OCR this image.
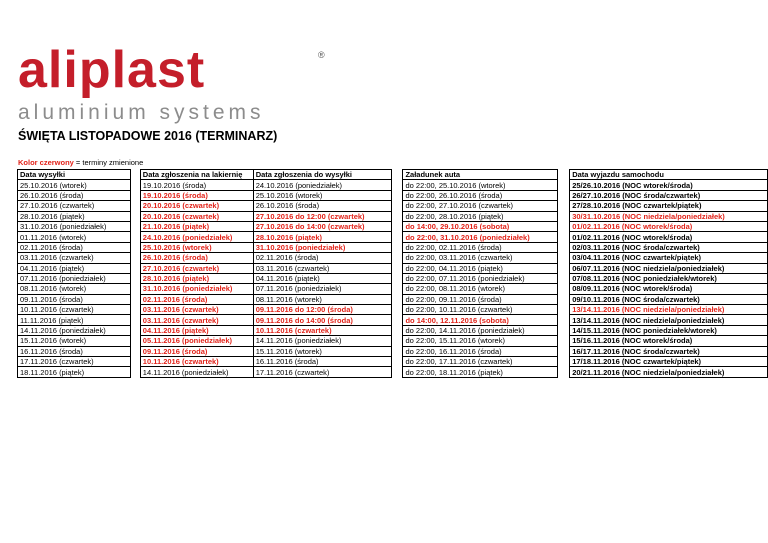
aliplast	®
aluminium systems
ŚWIĘTA LISTOPADOWE 2016 (TERMINARZ)
Kolor czerwony = terminy zmienione
Data wysyłki		Data zgłoszenia na lakiernię	Data zgłoszenia do wysyłki		Załadunek auta		Data wyjazdu samochodu
25.10.2016 (wtorek)		19.10.2016 (środa)	24.10.2016 (poniedziałek)		do 22:00, 25.10.2016 (wtorek)		25/26.10.2016 (NOC wtorek/środa)
26.10.2016 (środa)		19.10.2016 (środa)	25.10.2016 (wtorek)		do 22:00, 26.10.2016 (środa)		26/27.10.2016 (NOC środa/czwartek)
27.10.2016 (czwartek)		20.10.2016 (czwartek)	26.10.2016 (środa)		do 22:00, 27.10.2016 (czwartek)		27/28.10.2016 (NOC czwartek/piątek)
28.10.2016 (piątek)		20.10.2016 (czwartek)	27.10.2016 do 12:00 (czwartek)		do 22:00, 28.10.2016 (piątek)		30/31.10.2016 (NOC niedziela/poniedziałek)
31.10.2016 (poniedziałek)		21.10.2016 (piątek)	27.10.2016 do 14:00 (czwartek)		do 14:00, 29.10.2016 (sobota)		01/02.11.2016 (NOC wtorek/środa)
01.11.2016 (wtorek)		24.10.2016 (poniedziałek)	28.10.2016 (piątek)		do 22:00, 31.10.2016 (poniedziałek)		01/02.11.2016 (NOC wtorek/środa)
02.11.2016 (środa)		25.10.2016 (wtorek)	31.10.2016 (poniedziałek)		do 22:00, 02.11.2016 (środa)		02/03.11.2016 (NOC środa/czwartek)
03.11.2016 (czwartek)		26.10.2016 (środa)	02.11.2016 (środa)		do 22:00, 03.11.2016 (czwartek)		03/04.11.2016 (NOC czwartek/piątek)
04.11.2016 (piątek)		27.10.2016 (czwartek)	03.11.2016 (czwartek)		do 22:00, 04.11.2016 (piątek)		06/07.11.2016 (NOC niedziela/poniedziałek)
07.11.2016 (poniedziałek)		28.10.2016 (piątek)	04.11.2016 (piątek)		do 22:00, 07.11.2016 (poniedziałek)		07/08.11.2016 (NOC poniedziałek/wtorek)
08.11.2016 (wtorek)		31.10.2016 (poniedziałek)	07.11.2016 (poniedziałek)		do 22:00, 08.11.2016 (wtorek)		08/09.11.2016 (NOC wtorek/środa)
09.11.2016 (środa)		02.11.2016 (środa)	08.11.2016 (wtorek)		do 22:00, 09.11.2016 (środa)		09/10.11.2016 (NOC środa/czwartek)
10.11.2016 (czwartek)		03.11.2016 (czwartek)	09.11.2016 do 12:00 (środa)		do 22:00, 10.11.2016 (czwartek)		13/14.11.2016 (NOC niedziela/poniedziałek)
11.11.2016 (piątek)		03.11.2016 (czwartek)	09.11.2016 do 14:00 (środa)		do 14:00, 12.11.2016 (sobota)		13/14.11.2016 (NOC niedziela/poniedziałek)
14.11.2016 (poniedziałek)		04.11.2016 (piątek)	10.11.2016 (czwartek)		do 22:00, 14.11.2016 (poniedziałek)		14/15.11.2016 (NOC poniedziałek/wtorek)
15.11.2016 (wtorek)		05.11.2016 (poniedziałek)	14.11.2016 (poniedziałek)		do 22:00, 15.11.2016 (wtorek)		15/16.11.2016 (NOC wtorek/środa)
16.11.2016 (środa)		09.11.2016 (środa)	15.11.2016 (wtorek)		do 22:00, 16.11.2016 (środa)		16/17.11.2016 (NOC środa/czwartek)
17.11.2016 (czwartek)		10.11.2016 (czwartek)	16.11.2016 (środa)		do 22:00, 17.11.2016 (czwartek)		17/18.11.2016 (NOC czwartek/piątek)
18.11.2016 (piątek)		14.11.2016 (poniedziałek)	17.11.2016 (czwartek)		do 22:00, 18.11.2016 (piątek)		20/21.11.2016 (NOC niedziela/poniedziałek)
